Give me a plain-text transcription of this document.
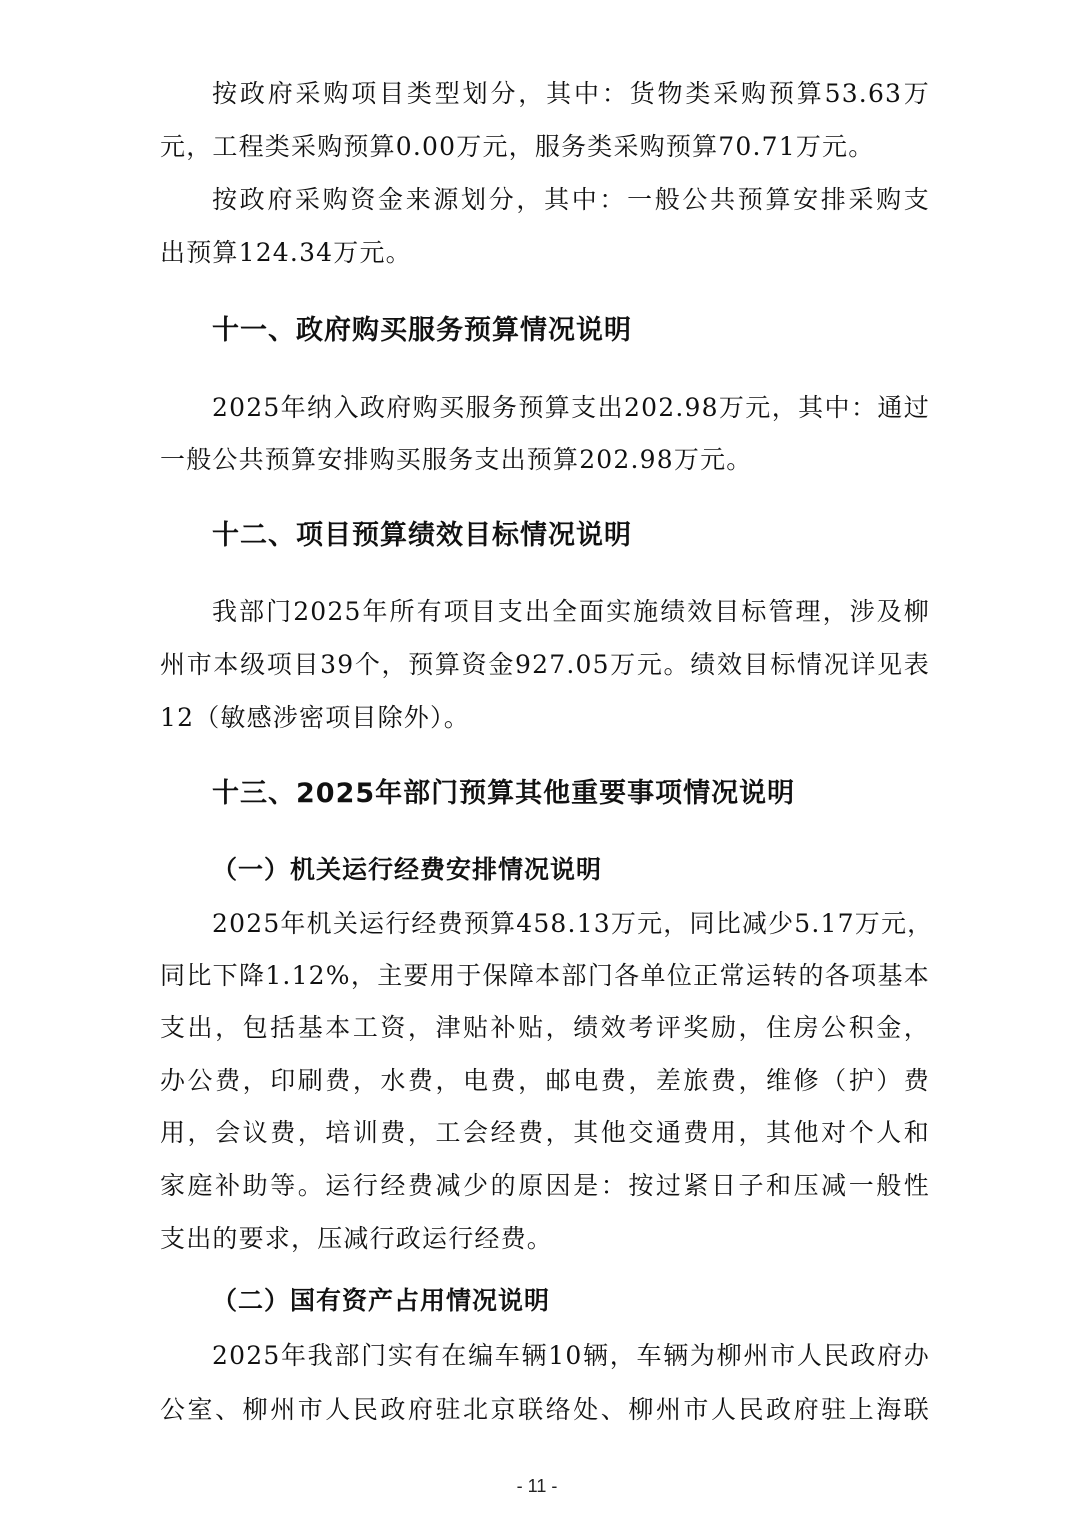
按政府采购项目类型划分，其中：货物类采购预算53.63万
元，工程类采购预算0.00万元，服务类采购预算70.71万元。
按政府采购资金来源划分，其中：一般公共预算安排采购支
出预算124.34万元。
十一、政府购买服务预算情况说明
2025年纳入政府购买服务预算支出202.98万元，其中：通过
一般公共预算安排购买服务支出预算202.98万元。
十二、项目预算绩效目标情况说明
我部门2025年所有项目支出全面实施绩效目标管理，涉及柳
州市本级项目39个，预算资金927.05万元。绩效目标情况详见表
12（敏感涉密项目除外）。
十三、2025年部门预算其他重要事项情况说明
（一）机关运行经费安排情况说明
2025年机关运行经费预算458.13万元，同比减少5.17万元，
同比下降1.12%，主要用于保障本部门各单位正常运转的各项基本
支出，包括基本工资，津贴补贴，绩效考评奖励，住房公积金，
办公费，印刷费，水费，电费，邮电费，差旅费，维修（护）费
用，会议费，培训费，工会经费，其他交通费用，其他对个人和
家庭补助等。运行经费减少的原因是：按过紧日子和压减一般性
支出的要求，压减行政运行经费。
（二）国有资产占用情况说明
2025年我部门实有在编车辆10辆，车辆为柳州市人民政府办
公室、柳州市人民政府驻北京联络处、柳州市人民政府驻上海联
- 11 -
